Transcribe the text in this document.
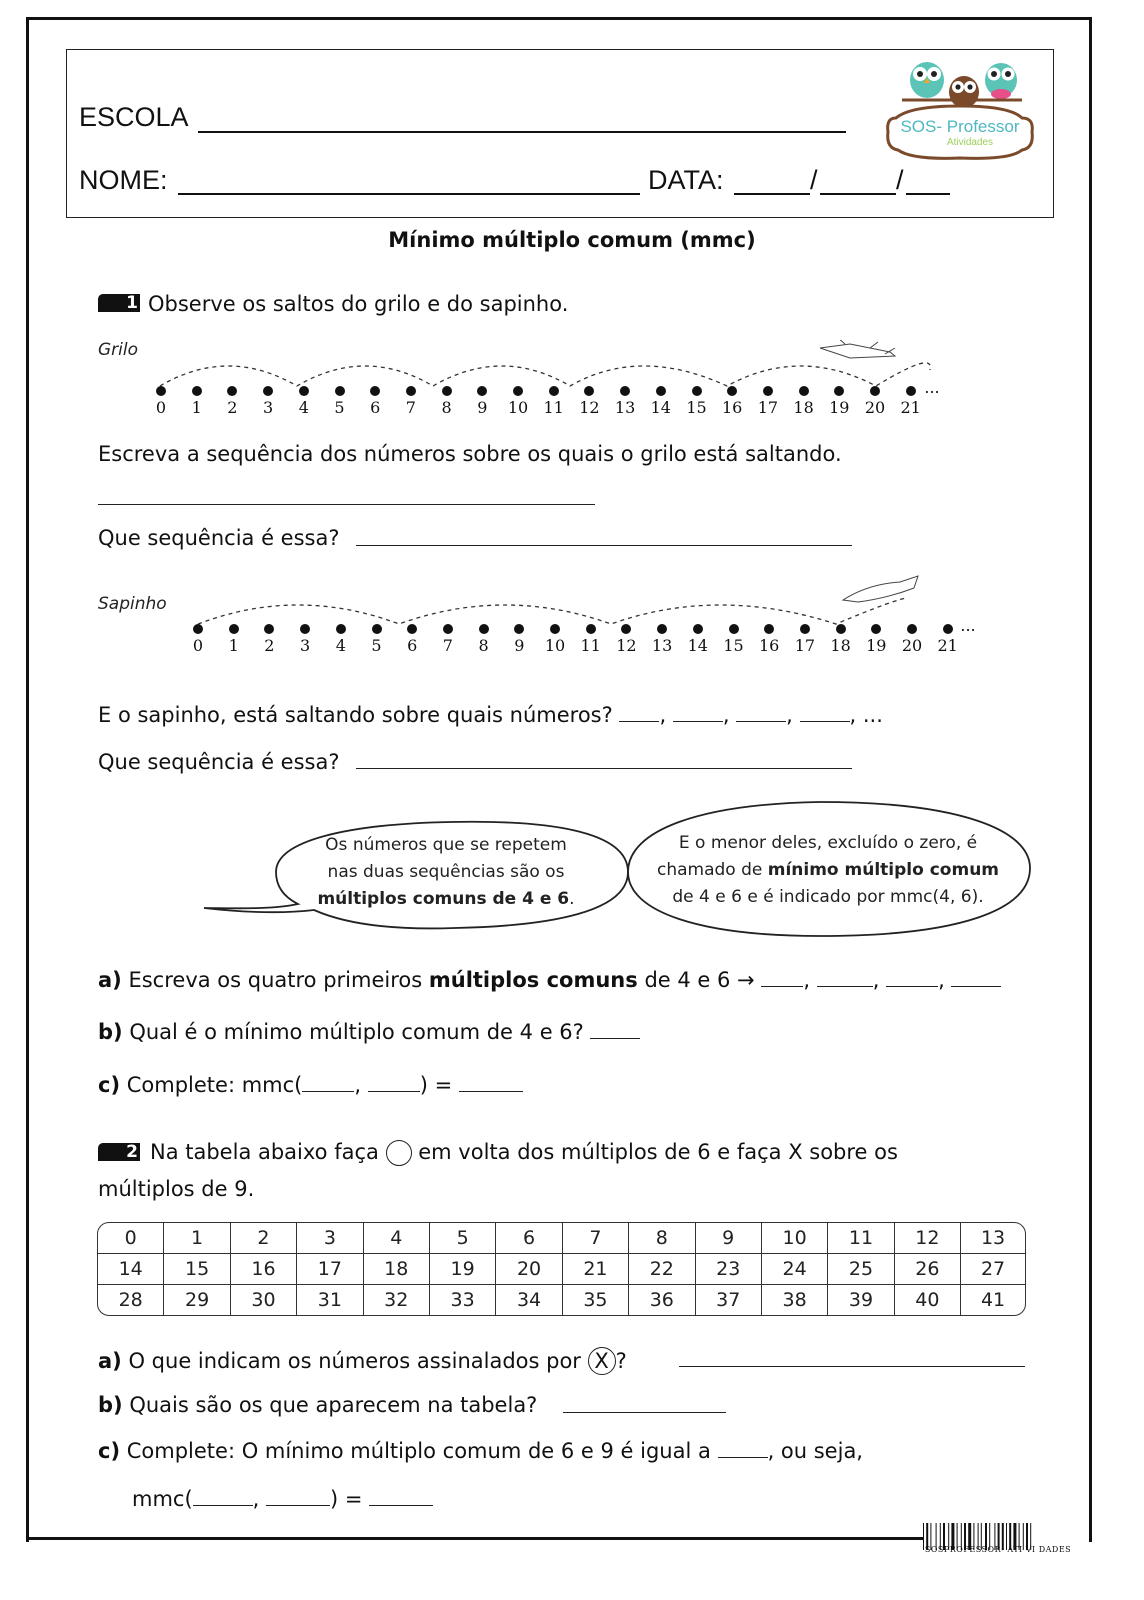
ESCOLA
NOME:	DATA:	/	/
SOS- Professor
Atividades
Mínimo múltiplo comum (mmc)
1 Observe os saltos do grilo e do sapinho.
Grilo
0	1	2	3	4	5	6	7	8	9	10 11 12 13 14 15 16 17 18 19 20 21
...
Escreva a sequência dos números sobre os quais o grilo está saltando.
Que sequência é essa?
Sapinho
0	1	2	3	4	5	6	7	8	9	10 11 12 13 14 15 16 17 18 19 20 21
...
E o sapinho, está saltando sobre quais números? , , , , ...
Que sequência é essa?
Os números que se repetem
nas duas sequências são os
múltiplos comuns de 4 e 6.
E o menor deles, excluído o zero, é
chamado de mínimo múltiplo comum
de 4 e 6 e é indicado por mmc(4, 6).
a) Escreva os quatro primeiros múltiplos comuns de 4 e 6 → ,	, ,
b) Qual é o mínimo múltiplo comum de 4 e 6?
c) Complete: mmc( ,	) =
2 Na tabela abaixo faça em volta dos múltiplos de 6 e faça X sobre os
múltiplos de 9.
0	1	2	3	4	5	6	7	8	9	10	11	12	13
14	15	16	17	18	19	20	21	22	23	24	25	26	27
28	29	30	31	32	33	34	35	36	37	38	39	40	41
a) O que indicam os números assinalados por X ?
b) Quais são os que aparecem na tabela?
c) Complete: O mínimo múltiplo comum de 6 e 9 é igual a	, ou seja,
mmc(	,	) =
SOSPROFESSOR- ATI VI DADES
